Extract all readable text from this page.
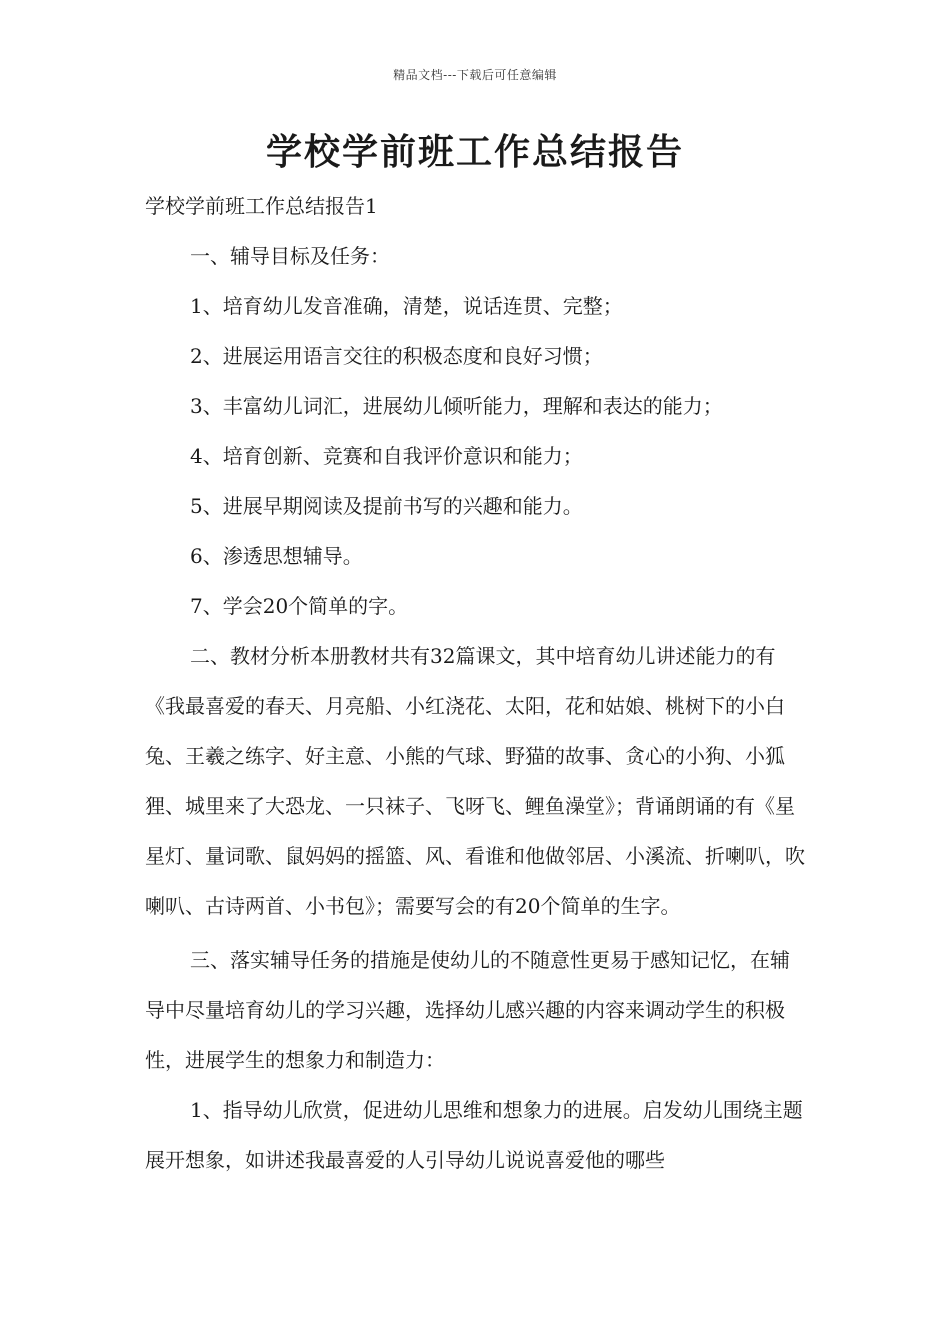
精品文档---下载后可任意编辑
学校学前班工作总结报告

学校学前班工作总结报告1

一、辅导目标及任务：

1、培育幼儿发音准确，清楚，说话连贯、完整；

2、进展运用语言交往的积极态度和良好习惯；

3、丰富幼儿词汇，进展幼儿倾听能力，理解和表达的能力；

4、培育创新、竞赛和自我评价意识和能力；

5、进展早期阅读及提前书写的兴趣和能力。

6、渗透思想辅导。

7、学会20个简单的字。

二、教材分析本册教材共有32篇课文，其中培育幼儿讲述能力的有《我最喜爱的春天、月亮船、小红浇花、太阳，花和姑娘、桃树下的小白兔、王羲之练字、好主意、小熊的气球、野猫的故事、贪心的小狗、小狐狸、城里来了大恐龙、一只袜子、飞呀飞、鲤鱼澡堂》；背诵朗诵的有《星星灯、量词歌、鼠妈妈的摇篮、风、看谁和他做邻居、小溪流、折喇叭，吹喇叭、古诗两首、小书包》；需要写会的有20个简单的生字。

三、落实辅导任务的措施是使幼儿的不随意性更易于感知记忆，在辅导中尽量培育幼儿的学习兴趣，选择幼儿感兴趣的内容来调动学生的积极性，进展学生的想象力和制造力：

1、指导幼儿欣赏，促进幼儿思维和想象力的进展。启发幼儿围绕主题展开想象，如讲述我最喜爱的人引导幼儿说说喜爱他的哪些
